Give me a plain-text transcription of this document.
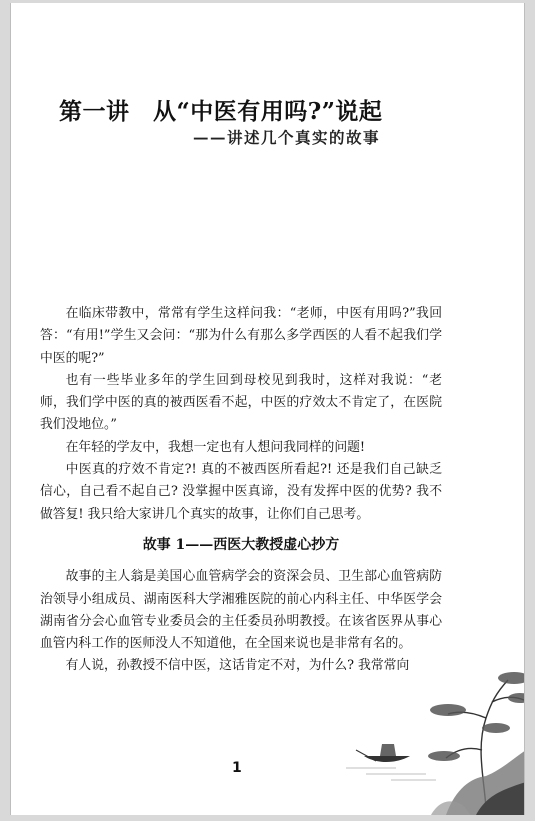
第一讲　从“中医有用吗?”说起
——讲述几个真实的故事

在临床带教中，常常有学生这样问我：“老师，中医有用吗?”我回答：“有用!”学生又会问：“那为什么有那么多学西医的人看不起我们学中医的呢?”

也有一些毕业多年的学生回到母校见到我时，这样对我说：“老师，我们学中医的真的被西医看不起，中医的疗效太不肯定了，在医院我们没地位。”

在年轻的学友中，我想一定也有人想问我同样的问题!

中医真的疗效不肯定?! 真的不被西医所看起?! 还是我们自己缺乏信心，自己看不起自己? 没掌握中医真谛，没有发挥中医的优势? 我不做答复! 我只给大家讲几个真实的故事，让你们自己思考。

故事 1——西医大教授虚心抄方

故事的主人翁是美国心血管病学会的资深会员、卫生部心血管病防治领导小组成员、湖南医科大学湘雅医院的前心内科主任、中华医学会湖南省分会心血管专业委员会的主任委员孙明教授。在该省医界从事心血管内科工作的医师没人不知道他，在全国来说也是非常有名的。

有人说，孙教授不信中医，这话肯定不对，为什么? 我常常向

1
